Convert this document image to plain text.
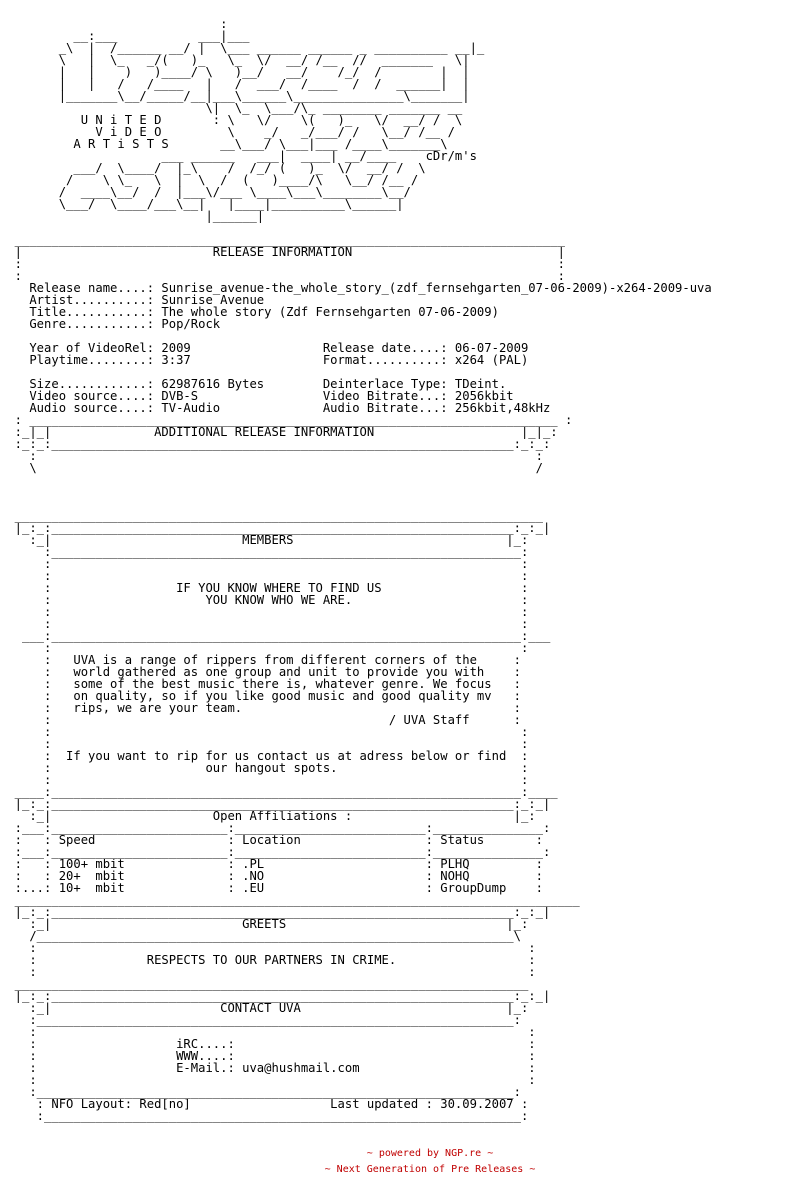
:
__:___           ___|___
_\  |  /______ __/ |  \___ ______ ______ _ __________ __|_
\   |  \_   _/(   )_   \_  \/  __/ /__  //  _______   \|
|   |    )   )____/ \   )__/   __/    /_/  /        |  |
|   |   /   /____   |   /  ___/  /____  /  /  ______|  |
|_______\__/_____/__|___\______\_______________\_______|
\|  \_  \___/\_ ________ _______ __
U N i T E D       : \   \/    \(   )_   \/  __/ /  \
V i D E O         \    _/   _/___/ /   \__/ /__ /
A R T i S T S       __\___/ \___|___ /____\_______\
___ ______   ___|  ____| __/____    cDr/m's
___/  \____/  |_\    /  /_/ (   )_  \/  __/ /  \
/    \ \_   \  |  \  /  (   )____/\   \__/ /__ /
/  ____\__/  /  |___\/___ \____\___\________\__/
\___/  \____/___\__|   |____|__________\______|
|______|
___________________________________________________________________________
|                          RELEASE INFORMATION                            |
:                                                                         :
:                                                                         :
Release name....: Sunrise_avenue-the_whole_story_(zdf_fernsehgarten_07-06-2009)-x264-2009-uva
Artist..........: Sunrise Avenue
Title...........: The whole story (Zdf Fernsehgarten 07-06-2009)
Genre...........: Pop/Rock
Year of VideoRel: 2009                  Release date....: 06-07-2009
Playtime........: 3:37                  Format..........: x264 (PAL)
Size............: 62987616 Bytes        Deinterlace Type: TDeint.
Video source....: DVB-S                 Video Bitrate...: 2056kbit
Audio source....: TV-Audio              Audio Bitrate...: 256kbit,48kHz
: ________________________________________________________________________ :
:_|_|              ADDITIONAL RELEASE INFORMATION                    |_|_:
:_:_:_______________________________________________________________:_:_:
:                                                                    :
\                                                                    /
________________________________________________________________________
|_:_:_______________________________________________________________:_:_|
:_|                          MEMBERS                             |_:
:________________________________________________________________:
:                                                                :
:                                                                :
:                 IF YOU KNOW WHERE TO FIND US                   :
:                     YOU KNOW WHO WE ARE.                       :
:                                                                :
:                                                                :
___:________________________________________________________________:___
:                                                                :
:   UVA is a range of rippers from different corners of the     :
:   world gathered as one group and unit to provide you with    :
:   some of the best music there is, whatever genre. We focus   :
:   on quality, so if you like good music and good quality mv   :
:   rips, we are your team.                                     :
:                                              / UVA Staff      :
:                                                                :
:                                                                :
:  If you want to rip for us contact us at adress below or find  :
:                     our hangout spots.                         :
:                                                                :
____:________________________________________________________________:____
|_:_:_______________________________________________________________:_:_|
:_|                      Open Affiliations :                      |_:
:___:________________________:__________________________:_______________:
:   : Speed                  : Location                 : Status       :
:___:________________________:__________________________:_______________:
:   : 100+ mbit              : .PL                      : PLHQ         :
:   : 20+  mbit              : .NO                      : NOHQ         :
:...: 10+  mbit              : .EU                      : GroupDump    :
_____________________________________________________________________________
|_:_:_______________________________________________________________:_:_|
:_|                          GREETS                              |_:
/_________________________________________________________________\
:                                                                   :
:               RESPECTS TO OUR PARTNERS IN CRIME.                  :
:                                                                   :
______________________________________________________________________
|_:_:_______________________________________________________________:_:_|
:_|                       CONTACT UVA                            |_:
:_________________________________________________________________:
:                                                                   :
:                   iRC....:                                        :
:                   WWW....:                                        :
:                   E-Mail.: uva@hushmail.com                       :
:                                                                   :
:_________________________________________________________________:
: NFO Layout: Red[no]                   Last updated : 30.09.2007 :
:_________________________________________________________________:
~ powered by NGP.re ~
~ Next Generation of Pre Releases ~
